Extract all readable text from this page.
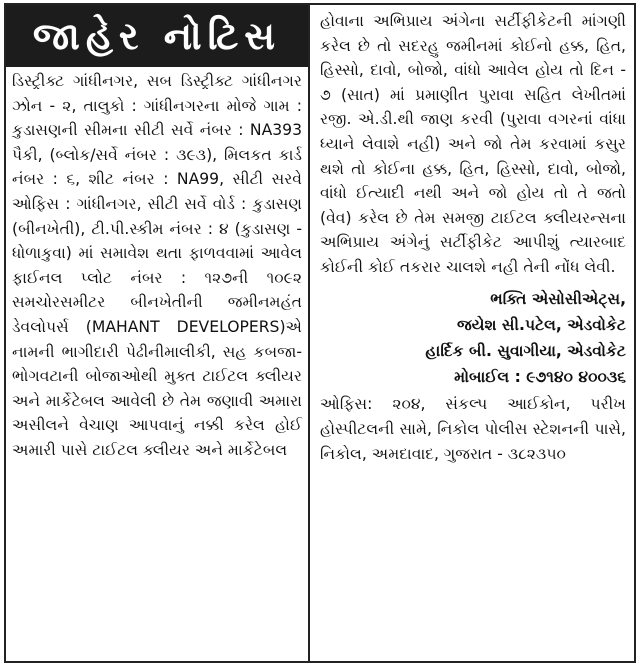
જાહેર નોટિસ
ડિસ્ટ્રીક્ટ ગાંધીનગર, સબ ડિસ્ટ્રીક્ટ ગાંધીનગર ઝોન - ૨, તાલુકો : ગાંધીનગરના મોજે ગામ : કુડાસણની સીમના સીટી સર્વે નંબર : NA393 પૈકી, (બ્લોક/સર્વે નંબર : ૩૯૩), મિલકત કાર્ડ નંબર : ૬, શીટ નંબર : NA99, સીટી સરવે ઓફિસ : ગાંધીનગર, સીટી સર્વે વોર્ડ : કુડાસણ (બીનખેતી), ટી.પી.સ્કીમ નંબર : ૪ (કુડાસણ - ધોળાકુવા) માં સમાવેશ થતા ફાળવવામાં આવેલ ફાઈનલ પ્લોટ નંબર : ૧૨૭ની ૧૦૯૨ સમચોરસમીટર બીનખેતીની જમીનમહંત ડેવલોપર્સ (MAHANT DEVELOPERS)એ નામની ભાગીદારી પેઢીનીમાલીકી, સહ કબજા-ભોગવટાની બોજાઓથી મુક્ત ટાઈટલ ક્લીયર અને માર્કેટેબલ આવેલી છે તેમ જણાવી અમારા અસીલને વેચાણ આપવાનું નક્કી કરેલ હોઈ અમારી પાસે ટાઈટલ ક્લીયર અને માર્કેટેબલ
હોવાના અભિપ્રાય અંગેના સર્ટીફીકેટની માંગણી કરેલ છે તો સદરહુ જમીનમાં કોઈનો હક્ક, હિત, હિસ્સો, દાવો, બોજો, વાંધો આવેલ હોય તો દિન - ૭ (સાત) માં પ્રમાણીત પુરાવા સહિત લેખીતમાં રજી. એ.ડી.થી જાણ કરવી (પુરાવા વગરનાં વાંધા ધ્યાને લેવાશે નહી) અને જો તેમ કરવામાં કસુર થશે તો કોઈના હક્ક, હિત, હિસ્સો, દાવો, બોજો, વાંધો ઈત્યાદી નથી અને જો હોય તો તે જતો (વેવ) કરેલ છે તેમ સમજી ટાઈટલ ક્લીયરન્સના અભિપ્રાય અંગેનું સર્ટીફીકેટ આપીશું ત્યારબાદ કોઈની કોઈ તકરાર ચાલશે નહી તેની નોંધ લેવી.
ભક્તિ એસોસીએટ્સ,
જયેશ સી.પટેલ, એડવોકેટ
હાર્દિક બી. સુવાગીયા, એડવોકેટ
મોબાઈલ : ૯૭૧૪૦ ૪૦૦૩૬
ઓફિસ: ૨૦૪, સંકલ્પ આઈકોન, પરીખ હોસ્પીટલની સામે, નિકોલ પોલીસ સ્ટેશનની પાસે, નિકોલ, અમદાવાદ, ગુજરાત - ૩૮૨૩૫૦
